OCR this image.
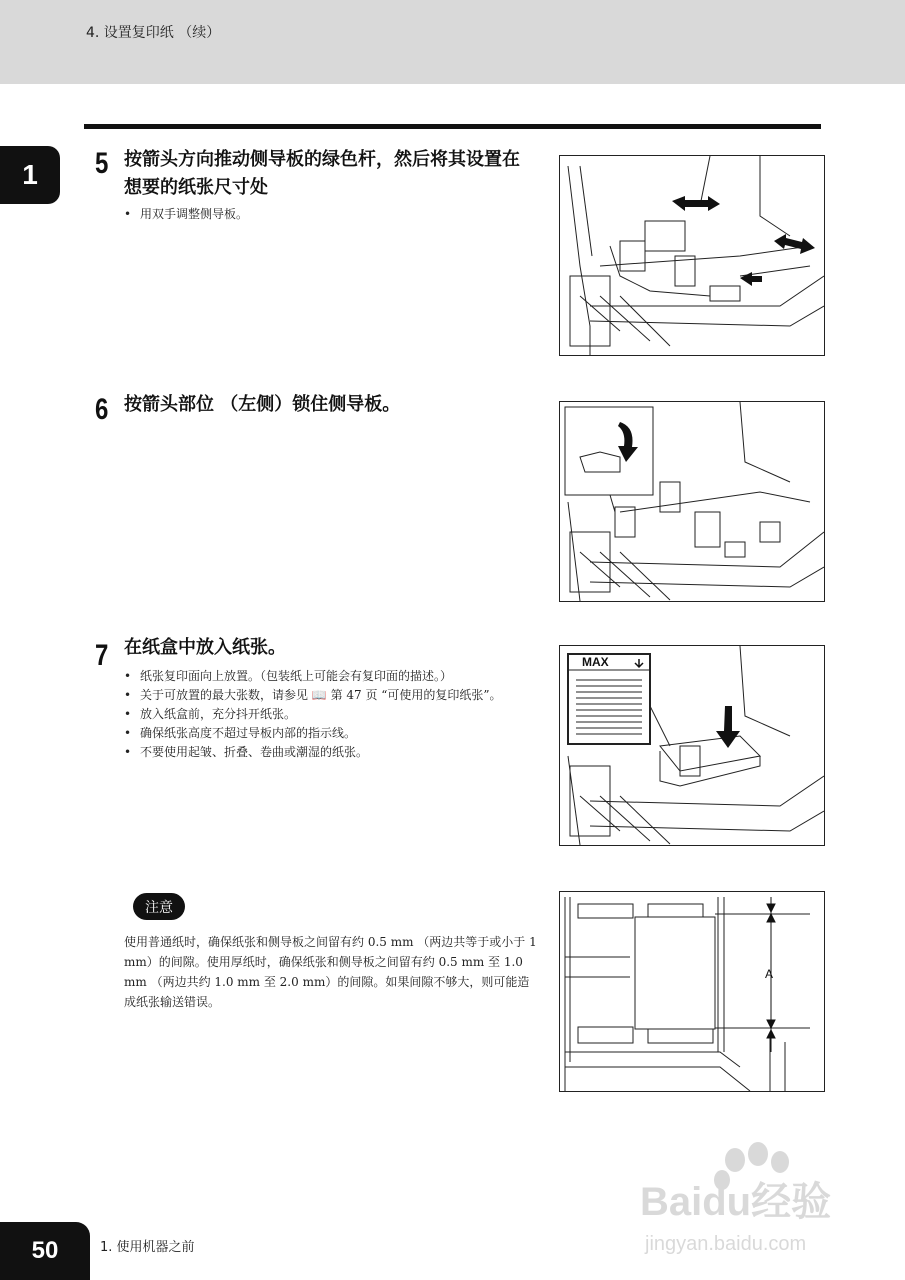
4. 设置复印纸 （续）
1	5 按箭头方向推动侧导板的绿色杆，然后将其设置在想要的纸张尺寸处
• 用双手调整侧导板。
6 按箭头部位 （左侧）锁住侧导板。
7 在纸盒中放入纸张。
• 纸张复印面向上放置。（包装纸上可能会有复印面的描述。）
• 关于可放置的最大张数，请参见 📖 第 47 页 “可使用的复印纸张”。
• 放入纸盒前，充分抖开纸张。
• 确保纸张高度不超过导板内部的指示线。
• 不要使用起皱、折叠、卷曲或潮湿的纸张。
MAX
注意
使用普通纸时，确保纸张和侧导板之间留有约 0.5 mm （两边共等于或小于 1 mm）的间隙。使用厚纸时，确保纸张和侧导板之间留有约 0.5 mm 至 1.0 mm （两边共约 1.0 mm 至 2.0 mm）的间隙。如果间隙不够大，则可能造成纸张输送错误。
A
Baidu经验
jingyan.baidu.com
50	1. 使用机器之前
